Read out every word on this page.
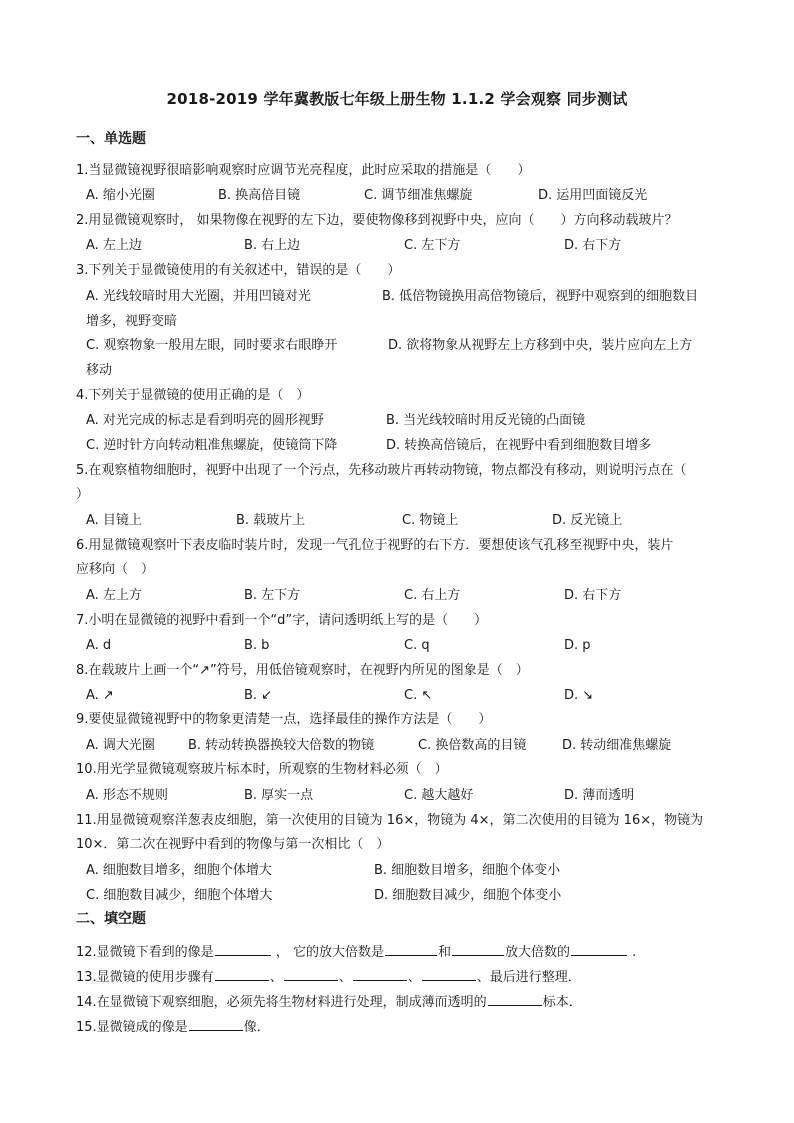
2018-2019 学年冀教版七年级上册生物 1.1.2 学会观察 同步测试
一、单选题
1.当显微镜视野很暗影响观察时应调节光亮程度，此时应采取的措施是（　　）
A. 缩小光圈	B. 换高倍目镜	C. 调节细准焦螺旋	D. 运用凹面镜反光
2.用显微镜观察时， 如果物像在视野的左下边，要使物像移到视野中央，应向（　　）方向移动载玻片？
A. 左上边	B. 右上边	C. 左下方	D. 右下方
3.下列关于显微镜使用的有关叙述中，错误的是（　　）
A. 光线较暗时用大光圈，并用凹镜对光	B. 低倍物镜换用高倍物镜后，视野中观察到的细胞数目
增多，视野变暗
C. 观察物象一般用左眼，同时要求右眼睁开	D. 欲将物象从视野左上方移到中央，装片应向左上方
移动
4.下列关于显微镜的使用正确的是（　）
A. 对光完成的标志是看到明亮的圆形视野	B. 当光线较暗时用反光镜的凸面镜
C. 逆时针方向转动粗准焦螺旋，使镜筒下降	D. 转换高倍镜后，在视野中看到细胞数目增多
5.在观察植物细胞时，视野中出现了一个污点，先移动玻片再转动物镜，物点都没有移动，则说明污点在（
）
A. 目镜上	B. 载玻片上	C. 物镜上	D. 反光镜上
6.用显微镜观察叶下表皮临时装片时，发现一气孔位于视野的右下方．要想使该气孔移至视野中央，装片
应移向（　）
A. 左上方	B. 左下方	C. 右上方	D. 右下方
7.小明在显微镜的视野中看到一个“d”字，请问透明纸上写的是（　　）
A. d	B. b	C. q	D. p
8.在载玻片上画一个“↗”符号，用低倍镜观察时，在视野内所见的图象是（　）
A. ↗	B. ↙	C. ↖	D. ↘
9.要使显微镜视野中的物象更清楚一点，选择最佳的操作方法是（　　）
A. 调大光圈	B. 转动转换器换较大倍数的物镜	C. 换倍数高的目镜	D. 转动细准焦螺旋
10.用光学显微镜观察玻片标本时，所观察的生物材料必须（　）
A. 形态不规则	B. 厚实一点	C. 越大越好	D. 薄而透明
11.用显微镜观察洋葱表皮细胞，第一次使用的目镜为 16×，物镜为 4×，第二次使用的目镜为 16×，物镜为
10×．第二次在视野中看到的物像与第一次相比（　）
A. 细胞数目增多，细胞个体增大	B. 细胞数目增多，细胞个体变小
C. 细胞数目减少，细胞个体增大	D. 细胞数目减少，细胞个体变小
二、填空题
12.显微镜下看到的像是	， 它的放大倍数是	和	放大倍数的	.
13.显微镜的使用步骤有	、	、	、	、最后进行整理．
14.在显微镜下观察细胞，必须先将生物材料进行处理，制成薄而透明的	标本．
15.显微镜成的像是	像．
